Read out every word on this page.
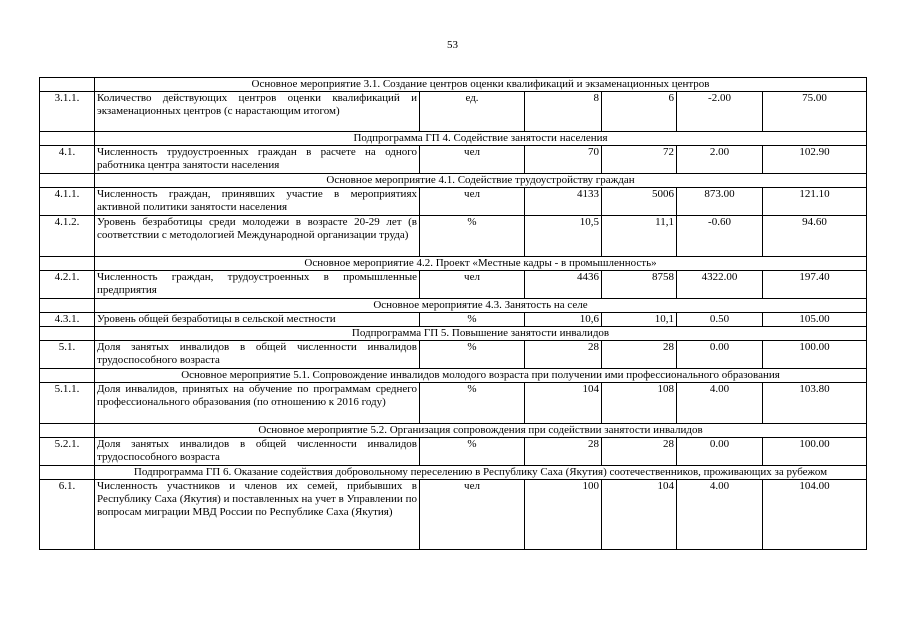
53
	Основное мероприятие 3.1. Создание центров оценки квалификаций и экзаменационных центров					
3.1.1.	Количество действующих центров оценки квалификаций и экзаменационных центров (с нарастающим итогом)	ед.	8	6	-2.00	75.00
	Подпрограмма ГП 4. Содействие занятости населения					
4.1.	Численность трудоустроенных граждан в расчете на одного работника центра занятости населения	чел	70	72	2.00	102.90
	Основное мероприятие 4.1. Содействие трудоустройству граждан					
4.1.1.	Численность граждан, принявших участие в мероприятиях активной политики занятости населения	чел	4133	5006	873.00	121.10
4.1.2.	Уровень безработицы среди молодежи в возрасте 20-29 лет (в соответствии с методологией Международной организации труда)	%	10,5	11,1	-0.60	94.60
	Основное мероприятие 4.2. Проект «Местные кадры - в промышленность»					
4.2.1.	Численность граждан, трудоустроенных в промышленные предприятия	чел	4436	8758	4322.00	197.40
	Основное мероприятие 4.3. Занятость на селе					
4.3.1.	Уровень общей безработицы в сельской местности	%	10,6	10,1	0.50	105.00
	Подпрограмма ГП 5. Повышение занятости инвалидов					
5.1.	Доля занятых инвалидов в общей численности инвалидов трудоспособного возраста	%	28	28	0.00	100.00
	Основное мероприятие 5.1. Сопровождение инвалидов молодого возраста при получении ими профессионального образования					
5.1.1.	Доля инвалидов, принятых на обучение по программам среднего профессионального образования (по отношению к 2016 году)	%	104	108	4.00	103.80
	Основное мероприятие 5.2. Организация сопровождения при содействии занятости инвалидов					
5.2.1.	Доля занятых инвалидов в общей численности инвалидов трудоспособного возраста	%	28	28	0.00	100.00
	Подпрограмма ГП 6. Оказание содействия добровольному переселению в Республику Саха (Якутия) соотечественников, проживающих за рубежом					
6.1.	Численность участников и членов их семей, прибывших в Республику Саха (Якутия) и поставленных на учет в Управлении по вопросам миграции МВД России по Республике Саха (Якутия)	чел	100	104	4.00	104.00
